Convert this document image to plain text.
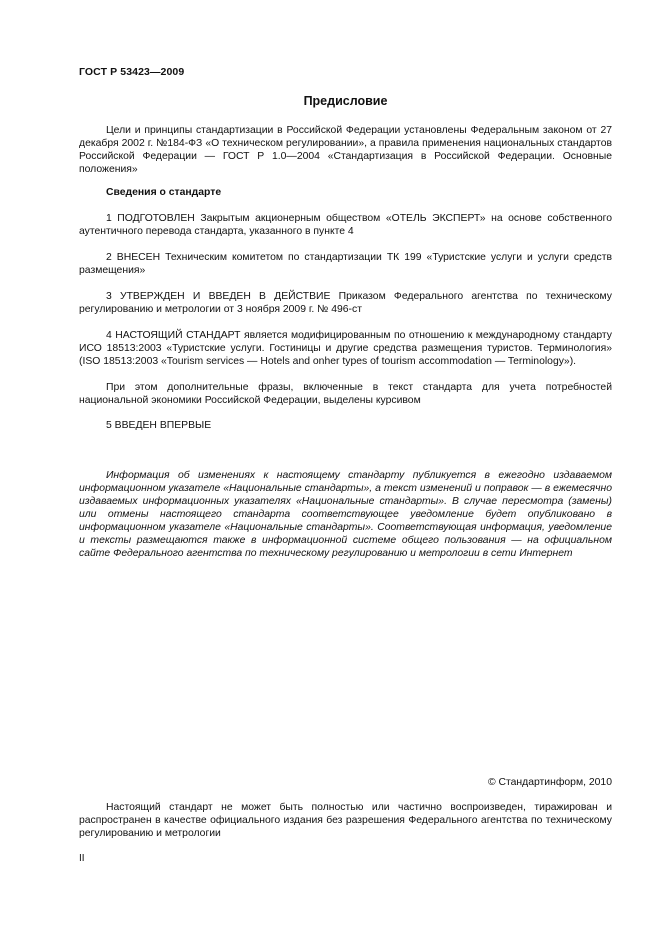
ГОСТ Р 53423—2009
Предисловие

Цели и принципы стандартизации в Российской Федерации установлены Федеральным законом от 27 декабря 2002 г. №184-ФЗ «О техническом регулировании», а правила применения национальных стандартов Российской Федерации — ГОСТ Р 1.0—2004 «Стандартизация в Российской Федерации. Основные положения»

Сведения о стандарте

1 ПОДГОТОВЛЕН Закрытым акционерным обществом «ОТЕЛЬ ЭКСПЕРТ» на основе собственного аутентичного перевода стандарта, указанного в пункте 4

2 ВНЕСЕН Техническим комитетом по стандартизации ТК 199 «Туристские услуги и услуги средств размещения»

3 УТВЕРЖДЕН И ВВЕДЕН В ДЕЙСТВИЕ Приказом Федерального агентства по техническому регулированию и метрологии от 3 ноября 2009 г. № 496-ст

4 НАСТОЯЩИЙ СТАНДАРТ является модифицированным по отношению к международному стандарту ИСО 18513:2003 «Туристские услуги. Гостиницы и другие средства размещения туристов. Терминология» (ISO 18513:2003 «Tourism services — Hotels and onher types of tourism accommodation — Terminology»).

При этом дополнительные фразы, включенные в текст стандарта для учета потребностей национальной экономики Российской Федерации, выделены курсивом

5 ВВЕДЕН ВПЕРВЫЕ

Информация об изменениях к настоящему стандарту публикуется в ежегодно издаваемом информационном указателе «Национальные стандарты», а текст изменений и поправок — в ежемесячно издаваемых информационных указателях «Национальные стандарты». В случае пересмотра (замены) или отмены настоящего стандарта соответствующее уведомление будет опубликовано в информационном указателе «Национальные стандарты». Соответствующая информация, уведомление и тексты размещаются также в информационной системе общего пользования — на официальном сайте Федерального агентства по техническому регулированию и метрологии в сети Интернет

© Стандартинформ, 2010

Настоящий стандарт не может быть полностью или частично воспроизведен, тиражирован и распространен в качестве официального издания без разрешения Федерального агентства по техническому регулированию и метрологии

II
